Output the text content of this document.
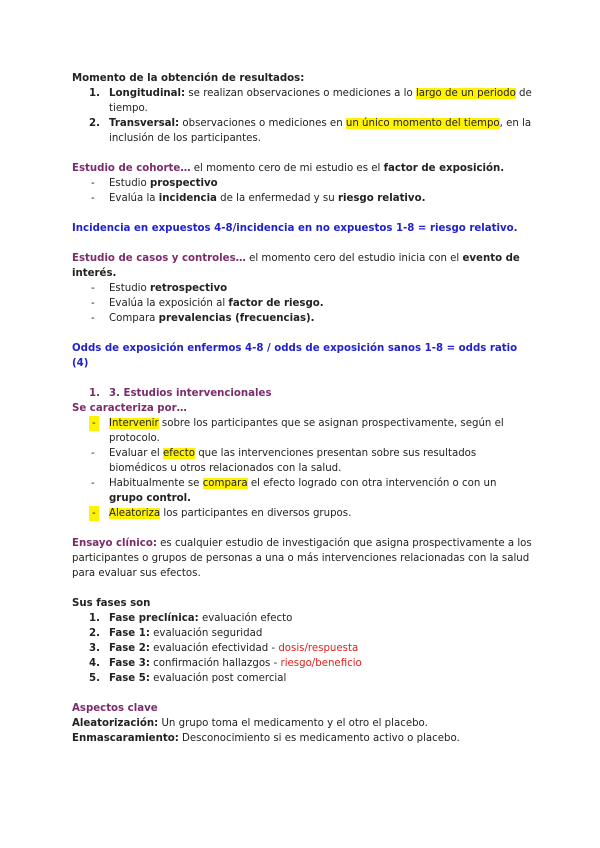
Momento de la obtención de resultados:

1. Longitudinal: se realizan observaciones o mediciones a lo largo de un periodo de tiempo.
2. Transversal: observaciones o mediciones en un único momento del tiempo, en la inclusión de los participantes.

Estudio de cohorte… el momento cero de mi estudio es el factor de exposición.

- Estudio prospectivo
- Evalúa la incidencia de la enfermedad y su riesgo relativo.

Incidencia en expuestos 4-8/incidencia en no expuestos 1-8 = riesgo relativo.

Estudio de casos y controles… el momento cero del estudio inicia con el evento de interés.

- Estudio retrospectivo
- Evalúa la exposición al factor de riesgo.
- Compara prevalencias (frecuencias).

Odds de exposición enfermos 4-8 / odds de exposición sanos 1-8 = odds ratio (4)

1. 3. Estudios intervencionales

Se caracteriza por…

- Intervenir sobre los participantes que se asignan prospectivamente, según el protocolo.
- Evaluar el efecto que las intervenciones presentan sobre sus resultados biomédicos u otros relacionados con la salud.
- Habitualmente se compara el efecto logrado con otra intervención o con un grupo control.
- Aleatoriza los participantes en diversos grupos.

Ensayo clínico: es cualquier estudio de investigación que asigna prospectivamente a los participantes o grupos de personas a una o más intervenciones relacionadas con la salud para evaluar sus efectos.

Sus fases son

1. Fase preclínica: evaluación efecto
2. Fase 1: evaluación seguridad
3. Fase 2: evaluación efectividad - dosis/respuesta
4. Fase 3: confirmación hallazgos - riesgo/beneficio
5. Fase 5: evaluación post comercial

Aspectos clave

Aleatorización: Un grupo toma el medicamento y el otro el placebo.

Enmascaramiento: Desconocimiento si es medicamento activo o placebo.
